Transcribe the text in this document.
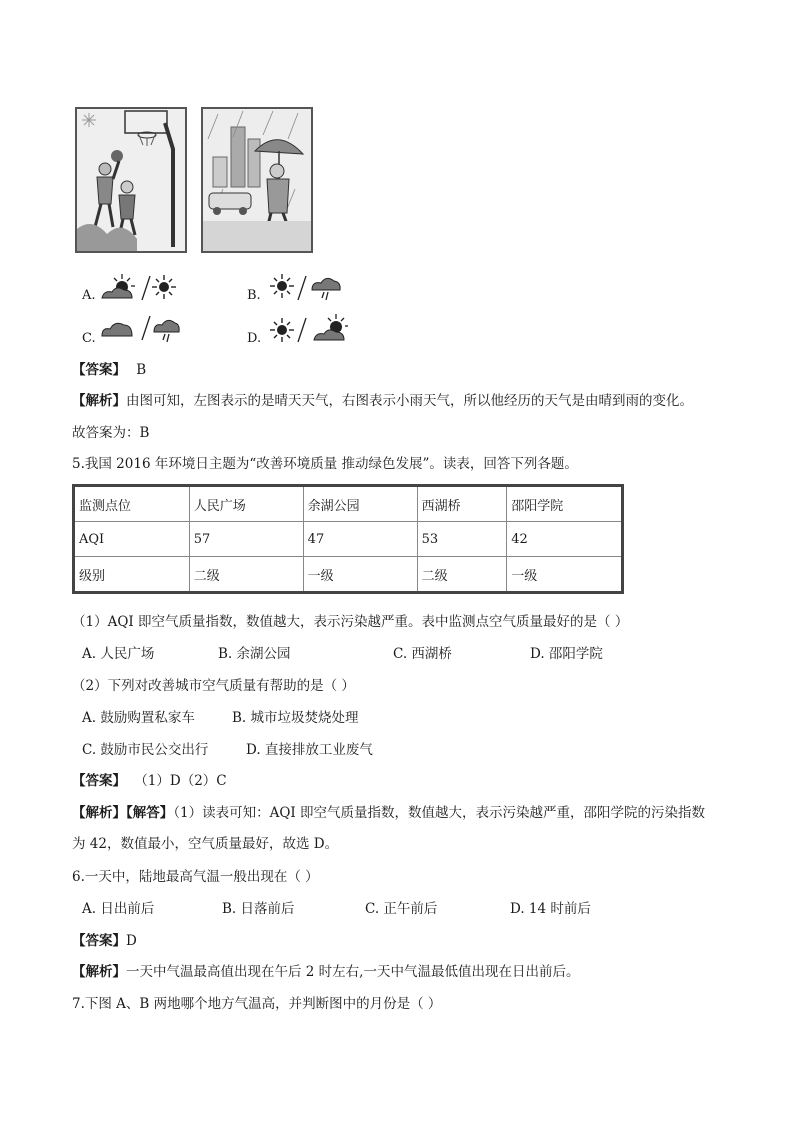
A.	B.
C.	D.
【答案】 B
【解析】由图可知，左图表示的是晴天天气，右图表示小雨天气，所以他经历的天气是由晴到雨的变化。
故答案为：B
5.我国 2016 年环境日主题为“改善环境质量 推动绿色发展”。读表，回答下列各题。
监测点位	人民广场	余湖公园	西湖桥	邵阳学院
AQI	57	47	53	42
级别	二级	一级	二级	一级
（1）AQI 即空气质量指数，数值越大，表示污染越严重。表中监测点空气质量最好的是（ ）
A. 人民广场	B. 余湖公园	C. 西湖桥	D. 邵阳学院
（2）下列对改善城市空气质量有帮助的是（ ）
A. 鼓励购置私家车	B. 城市垃圾焚烧处理
C. 鼓励市民公交出行	D. 直接排放工业废气
【答案】 （1）D（2）C
【解析】【解答】（1）读表可知：AQI 即空气质量指数，数值越大，表示污染越严重，邵阳学院的污染指数
为 42，数值最小，空气质量最好，故选 D。
6.一天中，陆地最高气温一般出现在（ ）
A. 日出前后	B. 日落前后	C. 正午前后	D. 14 时前后
【答案】D
【解析】一天中气温最高值出现在午后 2 时左右,一天中气温最低值出现在日出前后。
7.下图 A、B 两地哪个地方气温高，并判断图中的月份是（ ）
